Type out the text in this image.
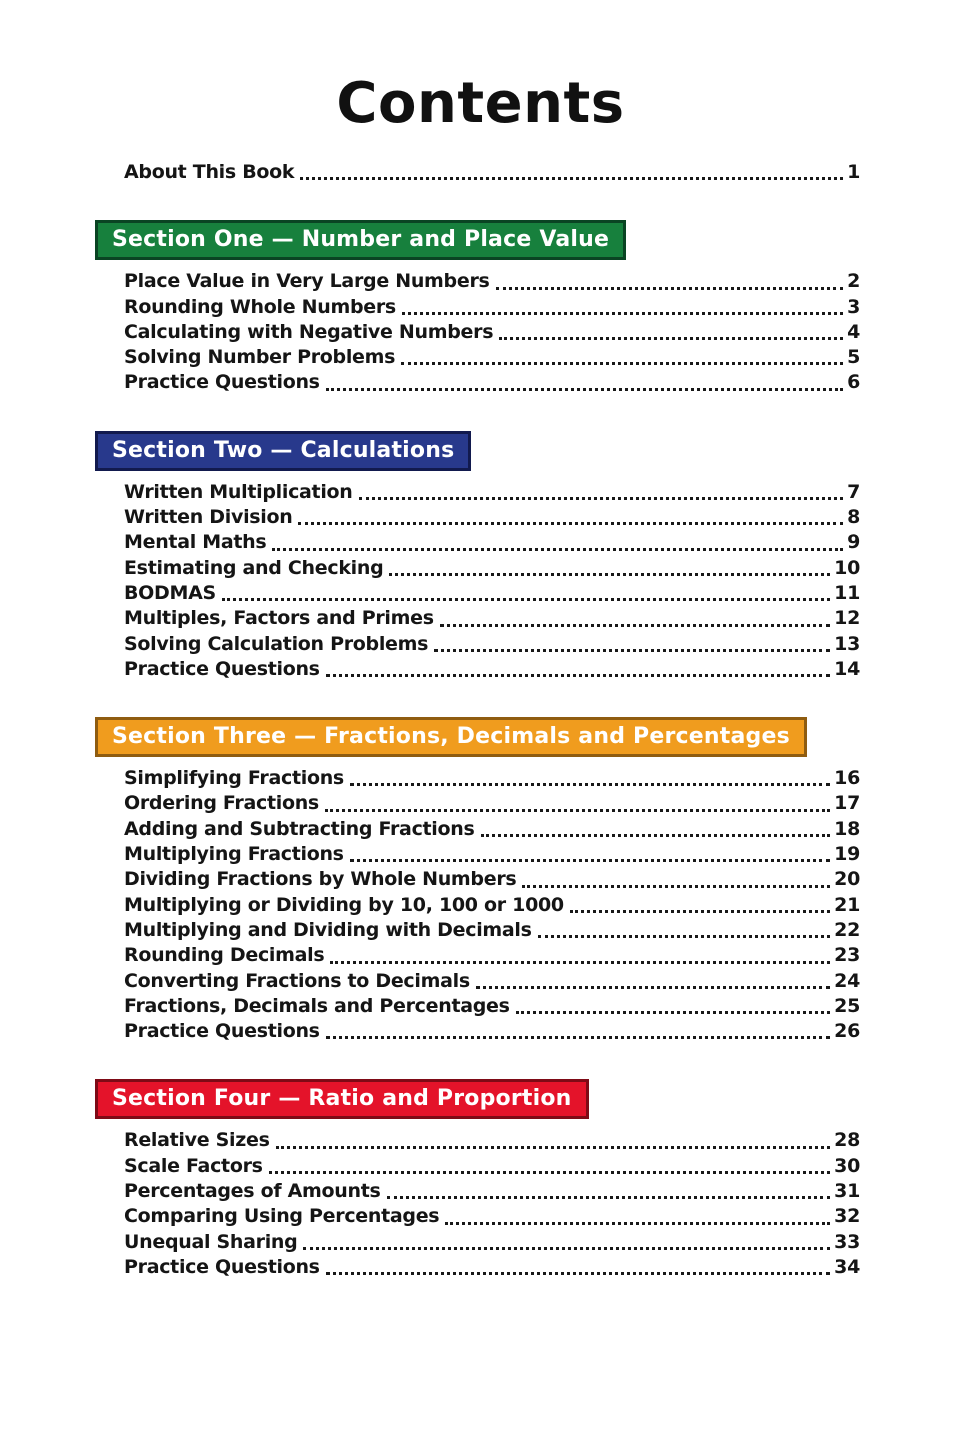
Contents
About This Book	1
Section One — Number and Place Value
Place Value in Very Large Numbers	2
Rounding Whole Numbers	3
Calculating with Negative Numbers	4
Solving Number Problems	5
Practice Questions	6
Section Two — Calculations
Written Multiplication	7
Written Division	8
Mental Maths	9
Estimating and Checking	10
BODMAS	11
Multiples, Factors and Primes	12
Solving Calculation Problems	13
Practice Questions	14
Section Three — Fractions, Decimals and Percentages
Simplifying Fractions	16
Ordering Fractions	17
Adding and Subtracting Fractions	18
Multiplying Fractions	19
Dividing Fractions by Whole Numbers	20
Multiplying or Dividing by 10, 100 or 1000	21
Multiplying and Dividing with Decimals	22
Rounding Decimals	23
Converting Fractions to Decimals	24
Fractions, Decimals and Percentages	25
Practice Questions	26
Section Four — Ratio and Proportion
Relative Sizes	28
Scale Factors	30
Percentages of Amounts	31
Comparing Using Percentages	32
Unequal Sharing	33
Practice Questions	34
